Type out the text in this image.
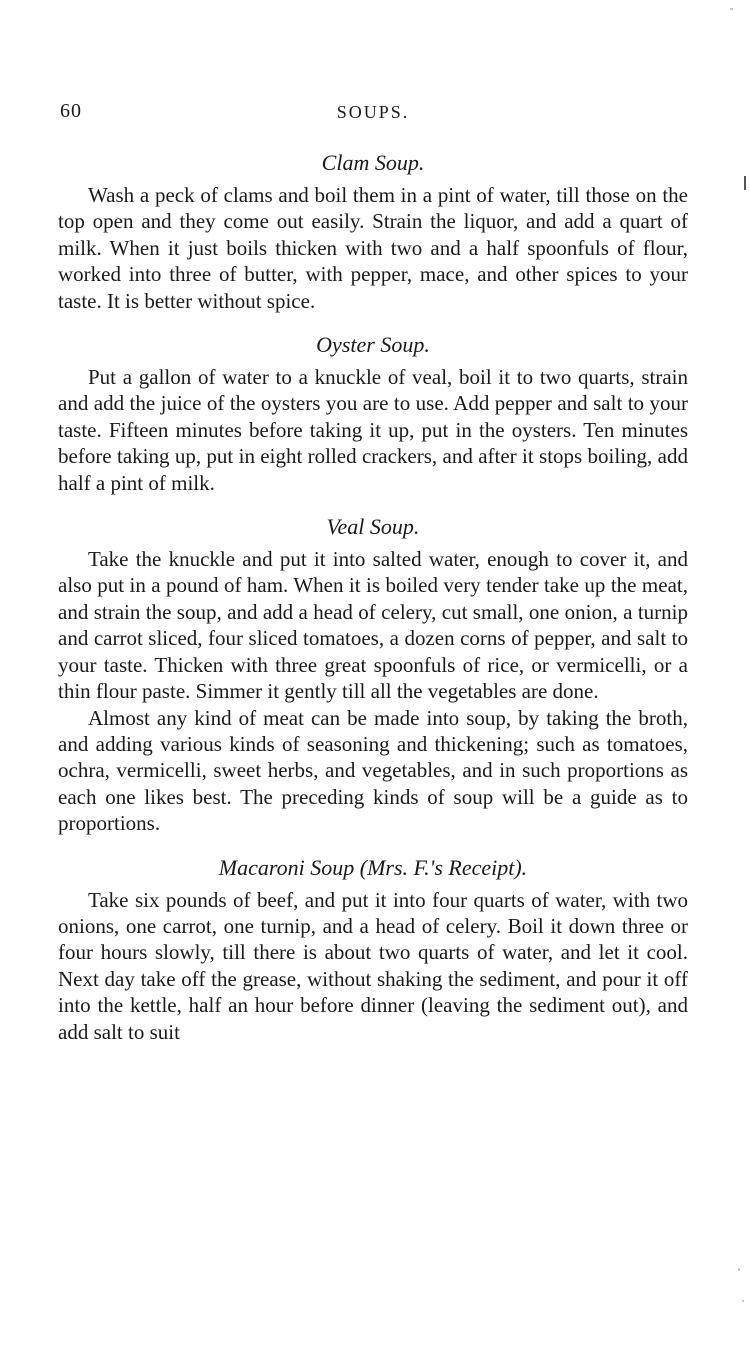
60	SOUPS.
Clam Soup.

Wash a peck of clams and boil them in a pint of water, till those on the top open and they come out easily. Strain the liquor, and add a quart of milk. When it just boils thicken with two and a half spoonfuls of flour, worked into three of butter, with pepper, mace, and other spices to your taste. It is better without spice.

Oyster Soup.

Put a gallon of water to a knuckle of veal, boil it to two quarts, strain and add the juice of the oysters you are to use. Add pepper and salt to your taste. Fifteen minutes before taking it up, put in the oysters. Ten minutes before taking up, put in eight rolled crackers, and after it stops boiling, add half a pint of milk.

Veal Soup.

Take the knuckle and put it into salted water, enough to cover it, and also put in a pound of ham. When it is boiled very tender take up the meat, and strain the soup, and add a head of celery, cut small, one onion, a turnip and carrot sliced, four sliced tomatoes, a dozen corns of pepper, and salt to your taste. Thicken with three great spoonfuls of rice, or vermicelli, or a thin flour paste. Simmer it gently till all the vegetables are done.

Almost any kind of meat can be made into soup, by taking the broth, and adding various kinds of seasoning and thickening; such as tomatoes, ochra, vermicelli, sweet herbs, and vegetables, and in such proportions as each one likes best. The preceding kinds of soup will be a guide as to proportions.

Macaroni Soup (Mrs. F.'s Receipt).

Take six pounds of beef, and put it into four quarts of water, with two onions, one carrot, one turnip, and a head of celery. Boil it down three or four hours slowly, till there is about two quarts of water, and let it cool. Next day take off the grease, without shaking the sediment, and pour it off into the kettle, half an hour before dinner (leaving the sediment out), and add salt to suit
